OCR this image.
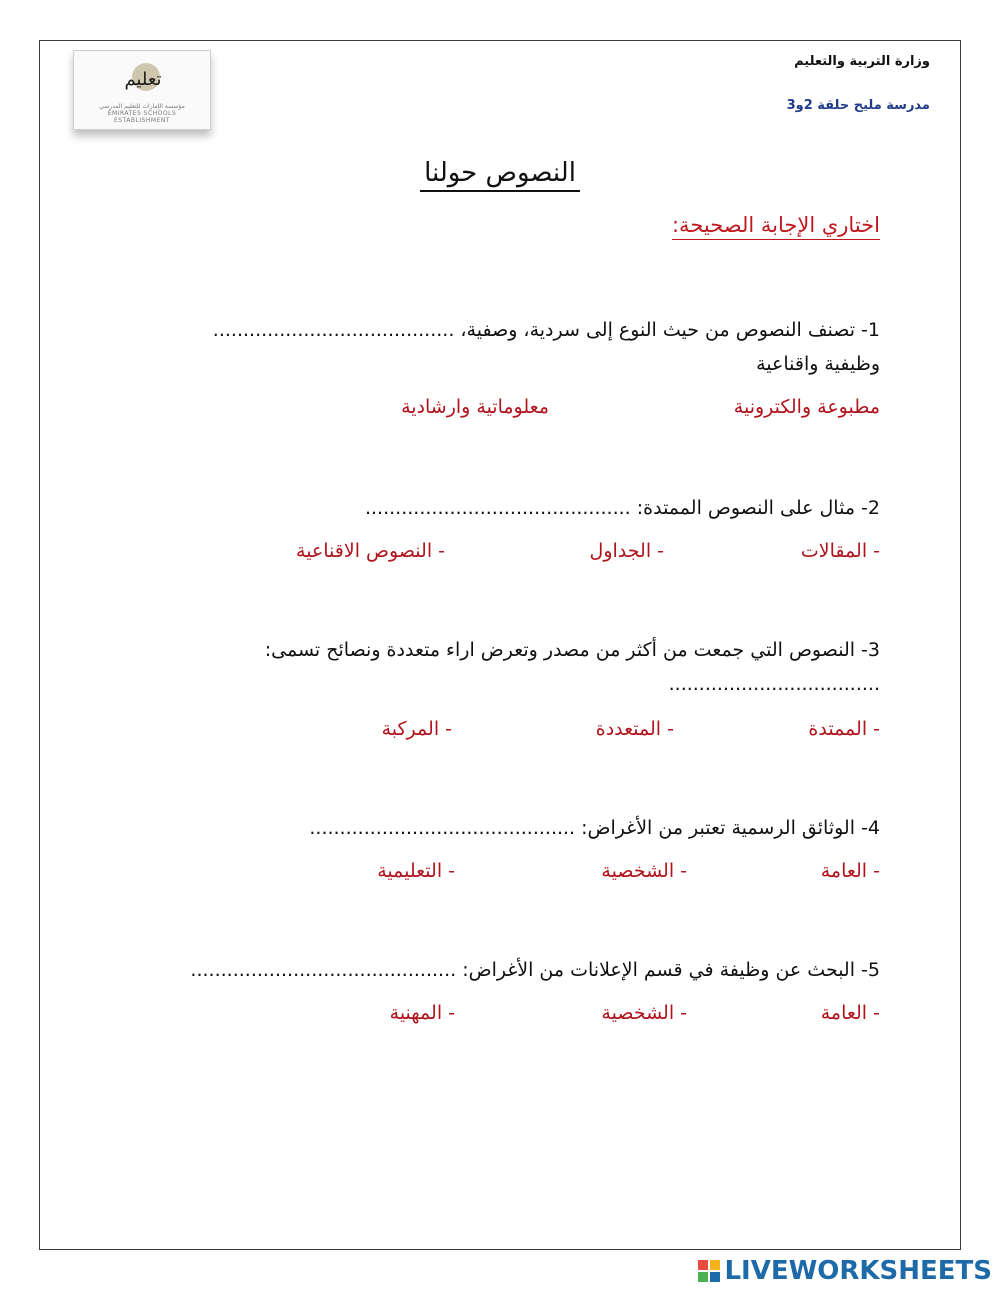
تعليم
مؤسسة الإمارات للتعليم المدرسي
EMIRATES SCHOOLS ESTABLISHMENT
وزارة التربية والتعليم
مدرسة مليح حلقة 2و3
النصوص حولنا
اختاري الإجابة الصحيحة:
1- تصنف النصوص من حيث النوع إلى سردية، وصفية، ........................................
وظيفية واقناعية
مطبوعة والكترونية
معلوماتية وارشادية
2- مثال على النصوص الممتدة: ............................................
- المقالات
- الجداول
- النصوص الاقناعية
3- النصوص التي جمعت من أكثر من مصدر وتعرض اراء متعددة ونصائح تسمى:
...................................
- الممتدة
- المتعددة
- المركبة
4- الوثائق الرسمية تعتبر من الأغراض: ............................................
- العامة
- الشخصية
- التعليمية
5- البحث عن وظيفة في قسم الإعلانات من الأغراض: ............................................
- العامة
- الشخصية
- المهنية
LIVEWORKSHEETS
